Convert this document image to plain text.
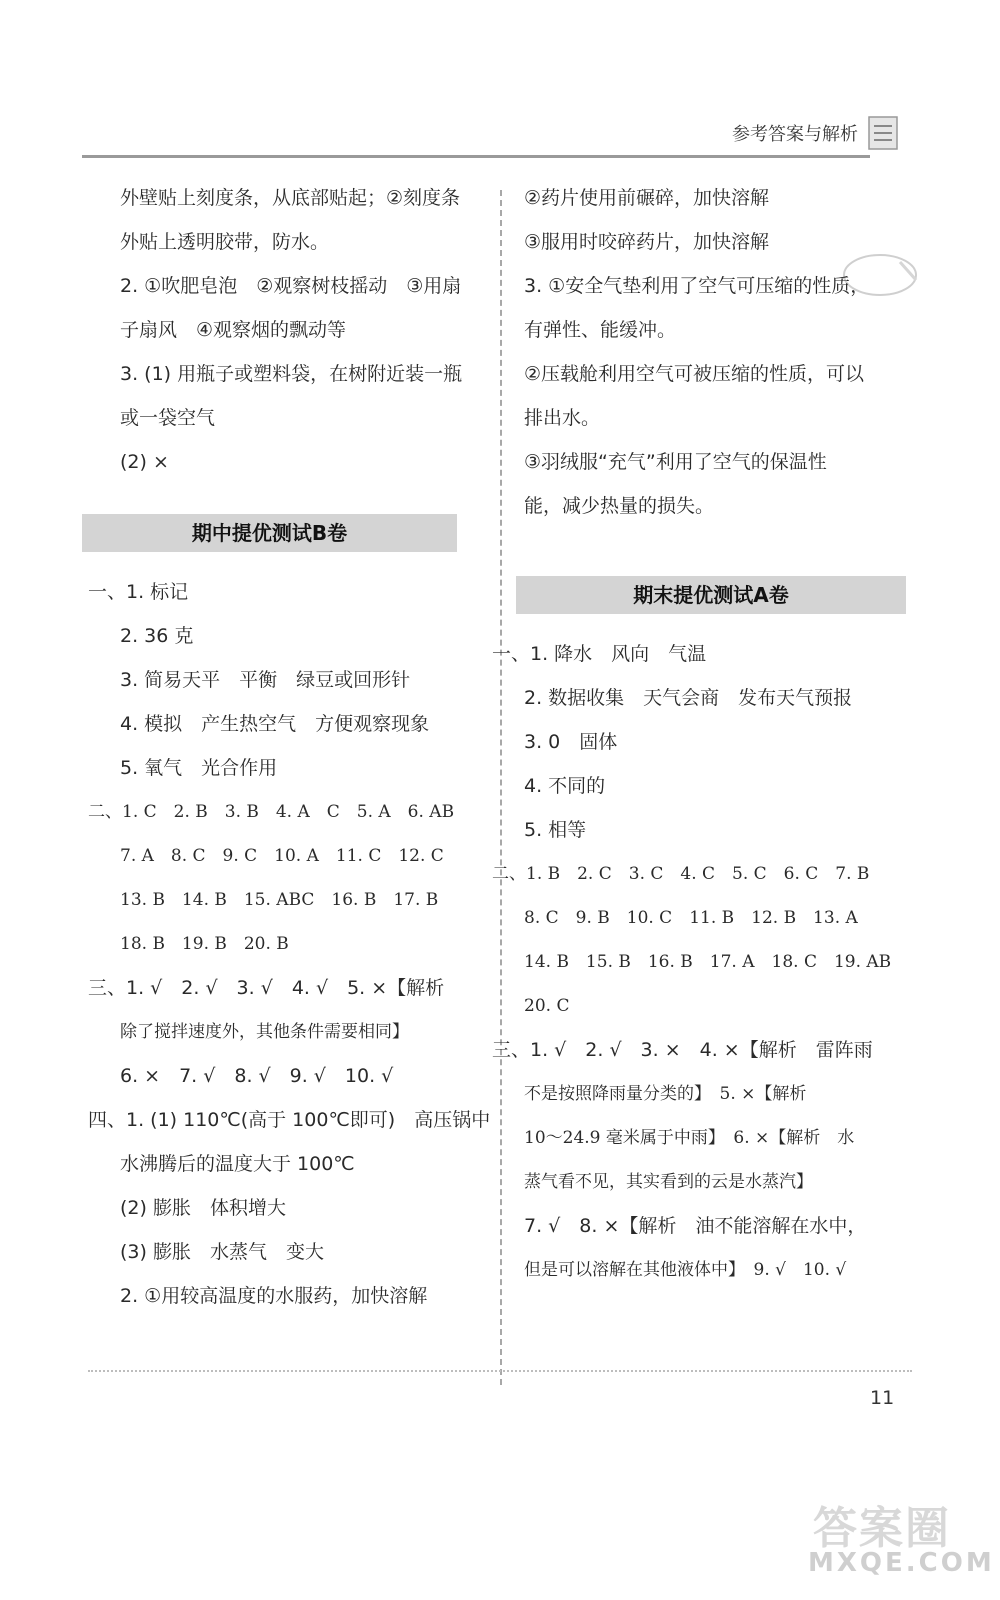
参考答案与解析
外壁贴上刻度条，从底部贴起；②刻度条
外贴上透明胶带，防水。
2. ①吹肥皂泡　②观察树枝摇动　③用扇
子扇风　④观察烟的飘动等
3. (1) 用瓶子或塑料袋，在树附近装一瓶
或一袋空气
(2) ×
期中提优测试B卷
一、1. 标记
2. 36 克
3. 简易天平　平衡　绿豆或回形针
4. 模拟　产生热空气　方便观察现象
5. 氧气　光合作用
二、1. C　2. B　3. B　4. A　C　5. A　6. AB
7. A　8. C　9. C　10. A　11. C　12. C
13. B　14. B　15. ABC　16. B　17. B
18. B　19. B　20. B
三、1. √　2. √　3. √　4. √　5. ×【解析
除了搅拌速度外，其他条件需要相同】
6. ×　7. √　8. √　9. √　10. √
四、1. (1) 110℃(高于 100℃即可)　高压锅中
水沸腾后的温度大于 100℃
(2) 膨胀　体积增大
(3) 膨胀　水蒸气　变大
2. ①用较高温度的水服药，加快溶解
②药片使用前碾碎，加快溶解
③服用时咬碎药片，加快溶解
3. ①安全气垫利用了空气可压缩的性质，
有弹性、能缓冲。
②压载舱利用空气可被压缩的性质，可以
排出水。
③羽绒服“充气”利用了空气的保温性
能，减少热量的损失。
期末提优测试A卷
一、1. 降水　风向　气温
2. 数据收集　天气会商　发布天气预报
3. 0　固体
4. 不同的
5. 相等
二、1. B　2. C　3. C　4. C　5. C　6. C　7. B
8. C　9. B　10. C　11. B　12. B　13. A
14. B　15. B　16. B　17. A　18. C　19. AB
20. C
三、1. √　2. √　3. ×　4. ×【解析　雷阵雨
不是按照降雨量分类的】　5. ×【解析
10～24.9 毫米属于中雨】　6. ×【解析　水
蒸气看不见，其实看到的云是水蒸汽】
7. √　8. ×【解析　油不能溶解在水中，
但是可以溶解在其他液体中】　9. √　10. √
11
答案圈
MXQE.COM
